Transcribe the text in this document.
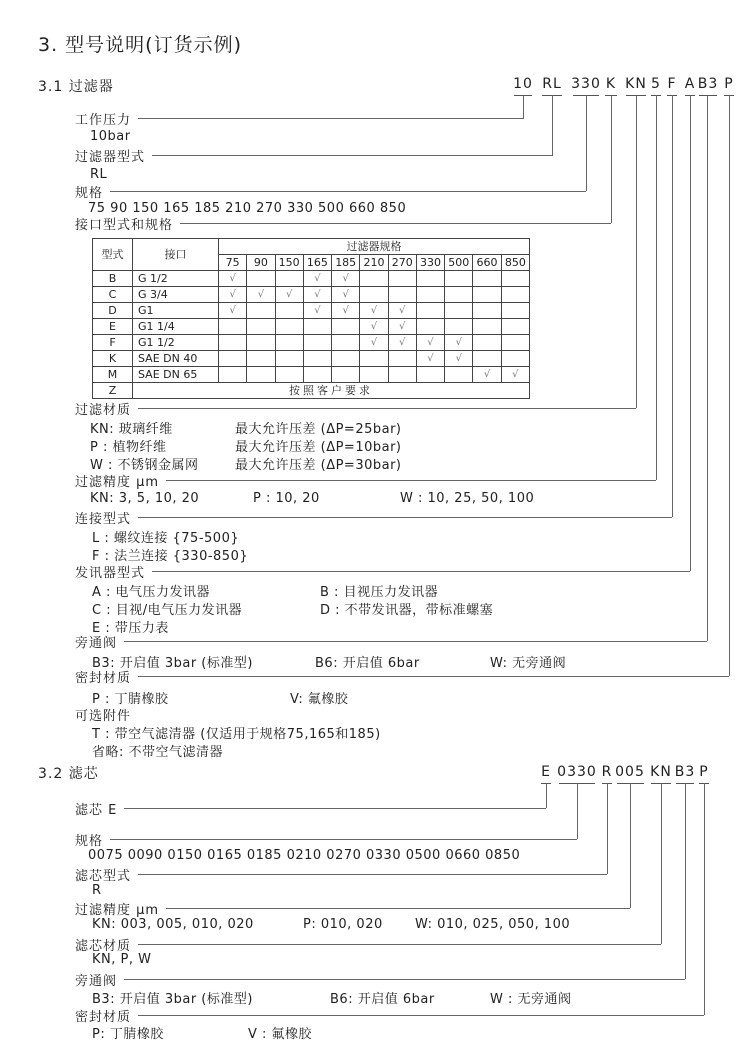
3. 型号说明(订货示例)
3.1 过滤器	10 RL 330 K KN 5 F A B3 P
工作压力
过滤器型式
规格
接口型式和规格
过滤材质
过滤精度 μm
连接型式
发讯器型式
旁通阀
密封材质
可选附件
10bar
RL
75 90 150 165 185 210 270 330 500 660 850
KN: 玻璃纤维	最大允许压差 (ΔP=25bar)
P : 植物纤维	最大允许压差 (ΔP=10bar)
W : 不锈钢金属网	最大允许压差 (ΔP=30bar)
KN: 3, 5, 10, 20	P : 10, 20	W : 10, 25, 50, 100
L : 螺纹连接 {75-500}
F : 法兰连接 {330-850}
A : 电气压力发讯器	B : 目视压力发讯器
C : 目视/电气压力发讯器	D : 不带发讯器，带标准螺塞
E : 带压力表
B3: 开启值 3bar (标准型)	B6: 开启值 6bar	W: 无旁通阀
P : 丁腈橡胶	V: 氟橡胶
T : 带空气滤清器 (仅适用于规格75,165和185)
省略: 不带空气滤清器
型式	接口	过滤器规格										
		75	90	150	165	185	210	270	330	500	660	850
B	G 1/2	√			√	√						
C	G 3/4	√	√	√	√	√						
D	G1	√			√	√	√	√				
E	G1 1/4						√	√				
F	G1 1/2						√	√	√	√		
K	SAE DN 40								√	√		
M	SAE DN 65										√	√
Z	按照客户要求											
3.2 滤芯	E 0330 R 005 KN B3 P
滤芯 E
规格
滤芯型式
过滤精度 μm
滤芯材质
旁通阀
密封材质
0075 0090 0150 0165 0185 0210 0270 0330 0500 0660 0850
R
KN: 003, 005, 010, 020	P: 010, 020 W: 010, 025, 050, 100
KN, P, W
B3: 开启值 3bar (标准型)	B6: 开启值 6bar	W : 无旁通阀
P: 丁腈橡胶	V : 氟橡胶
